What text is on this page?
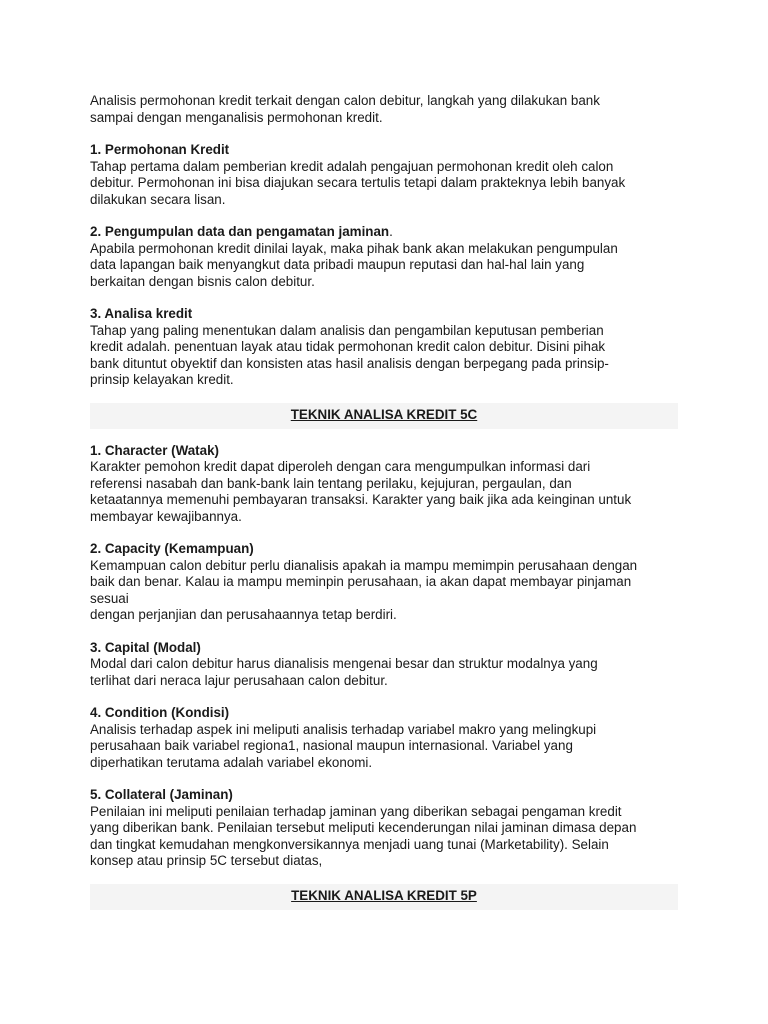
Analisis permohonan kredit terkait dengan calon debitur, langkah yang dilakukan bank
sampai dengan menganalisis permohonan kredit.

1. Permohonan Kredit

Tahap pertama dalam pemberian kredit adalah pengajuan permohonan kredit oleh calon
debitur. Permohonan ini bisa diajukan secara tertulis tetapi dalam prakteknya lebih banyak
dilakukan secara lisan.

2. Pengumpulan data dan pengamatan jaminan.

Apabila permohonan kredit dinilai layak, maka pihak bank akan melakukan pengumpulan
data lapangan baik menyangkut data pribadi maupun reputasi dan hal-hal lain yang
berkaitan dengan bisnis calon debitur.

3. Analisa kredit

Tahap yang paling menentukan dalam analisis dan pengambilan keputusan pemberian
kredit adalah. penentuan layak atau tidak permohonan kredit calon debitur. Disini pihak
bank dituntut obyektif dan konsisten atas hasil analisis dengan berpegang pada prinsip-
prinsip kelayakan kredit.

TEKNIK ANALISA KREDIT 5C

1. Character (Watak)

Karakter pemohon kredit dapat diperoleh dengan cara mengumpulkan informasi dari
referensi nasabah dan bank-bank lain tentang perilaku, kejujuran, pergaulan, dan
ketaatannya memenuhi pembayaran transaksi. Karakter yang baik jika ada keinginan untuk
membayar kewajibannya.

2. Capacity (Kemampuan)

Kemampuan calon debitur perlu dianalisis apakah ia mampu memimpin perusahaan dengan
baik dan benar. Kalau ia mampu meminpin perusahaan, ia akan dapat membayar pinjaman
sesuai
dengan perjanjian dan perusahaannya tetap berdiri.

3. Capital (Modal)

Modal dari calon debitur harus dianalisis mengenai besar dan struktur modalnya yang
terlihat dari neraca lajur perusahaan calon debitur.

4. Condition (Kondisi)

Analisis terhadap aspek ini meliputi analisis terhadap variabel makro yang melingkupi
perusahaan baik variabel regiona1, nasional maupun internasional. Variabel yang
diperhatikan terutama adalah variabel ekonomi.

5. Collateral (Jaminan)

Penilaian ini meliputi penilaian terhadap jaminan yang diberikan sebagai pengaman kredit
yang diberikan bank. Penilaian tersebut meliputi kecenderungan nilai jaminan dimasa depan
dan tingkat kemudahan mengkonversikannya menjadi uang tunai (Marketability). Selain
konsep atau prinsip 5C tersebut diatas,

TEKNIK ANALISA KREDIT 5P
